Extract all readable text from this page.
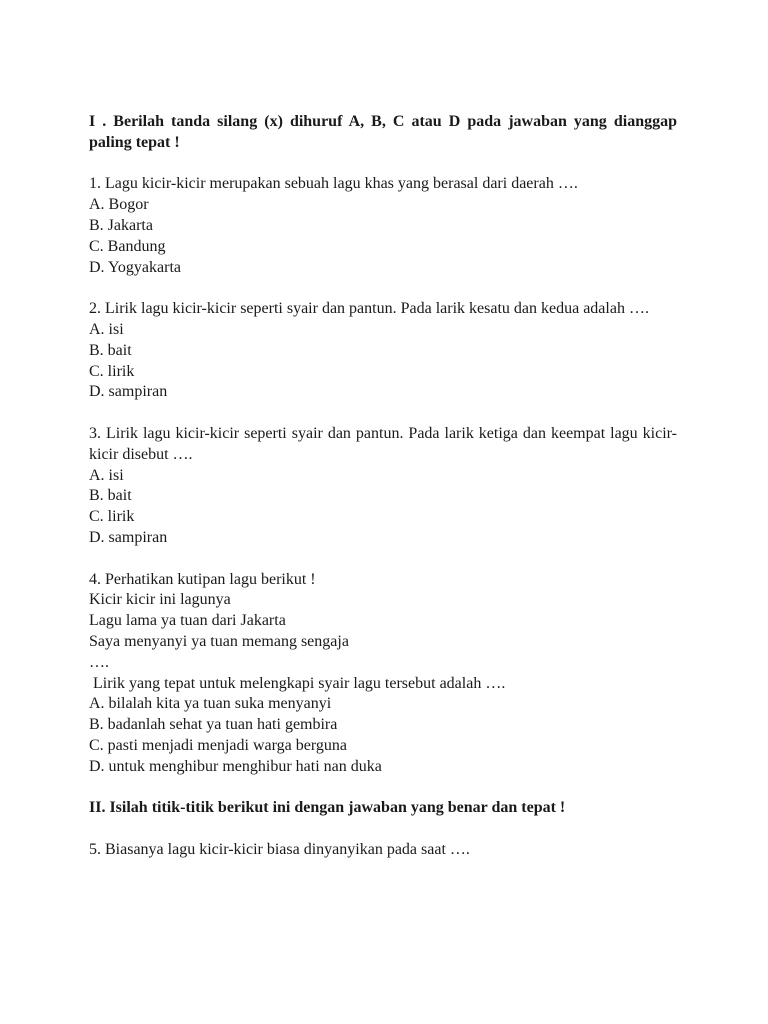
I . Berilah tanda silang (x) dihuruf A, B, C atau D pada jawaban yang dianggap paling tepat !

1. Lagu kicir-kicir merupakan sebuah lagu khas yang berasal dari daerah ….

A. Bogor

B. Jakarta

C. Bandung

D. Yogyakarta

2. Lirik lagu kicir-kicir seperti syair dan pantun. Pada larik kesatu dan kedua adalah ….

A. isi

B. bait

C. lirik

D. sampiran

3. Lirik lagu kicir-kicir seperti syair dan pantun. Pada larik ketiga dan keempat lagu kicir-kicir disebut ….

A. isi

B. bait

C. lirik

D. sampiran

4. Perhatikan kutipan lagu berikut !

Kicir kicir ini lagunya

Lagu lama ya tuan dari Jakarta

Saya menyanyi ya tuan memang sengaja

….

Lirik yang tepat untuk melengkapi syair lagu tersebut adalah ….

A. bilalah kita ya tuan suka menyanyi

B. badanlah sehat ya tuan hati gembira

C. pasti menjadi menjadi warga berguna

D. untuk menghibur menghibur hati nan duka

II. Isilah titik-titik berikut ini dengan jawaban yang benar dan tepat !

5. Biasanya lagu kicir-kicir biasa dinyanyikan pada saat ….
